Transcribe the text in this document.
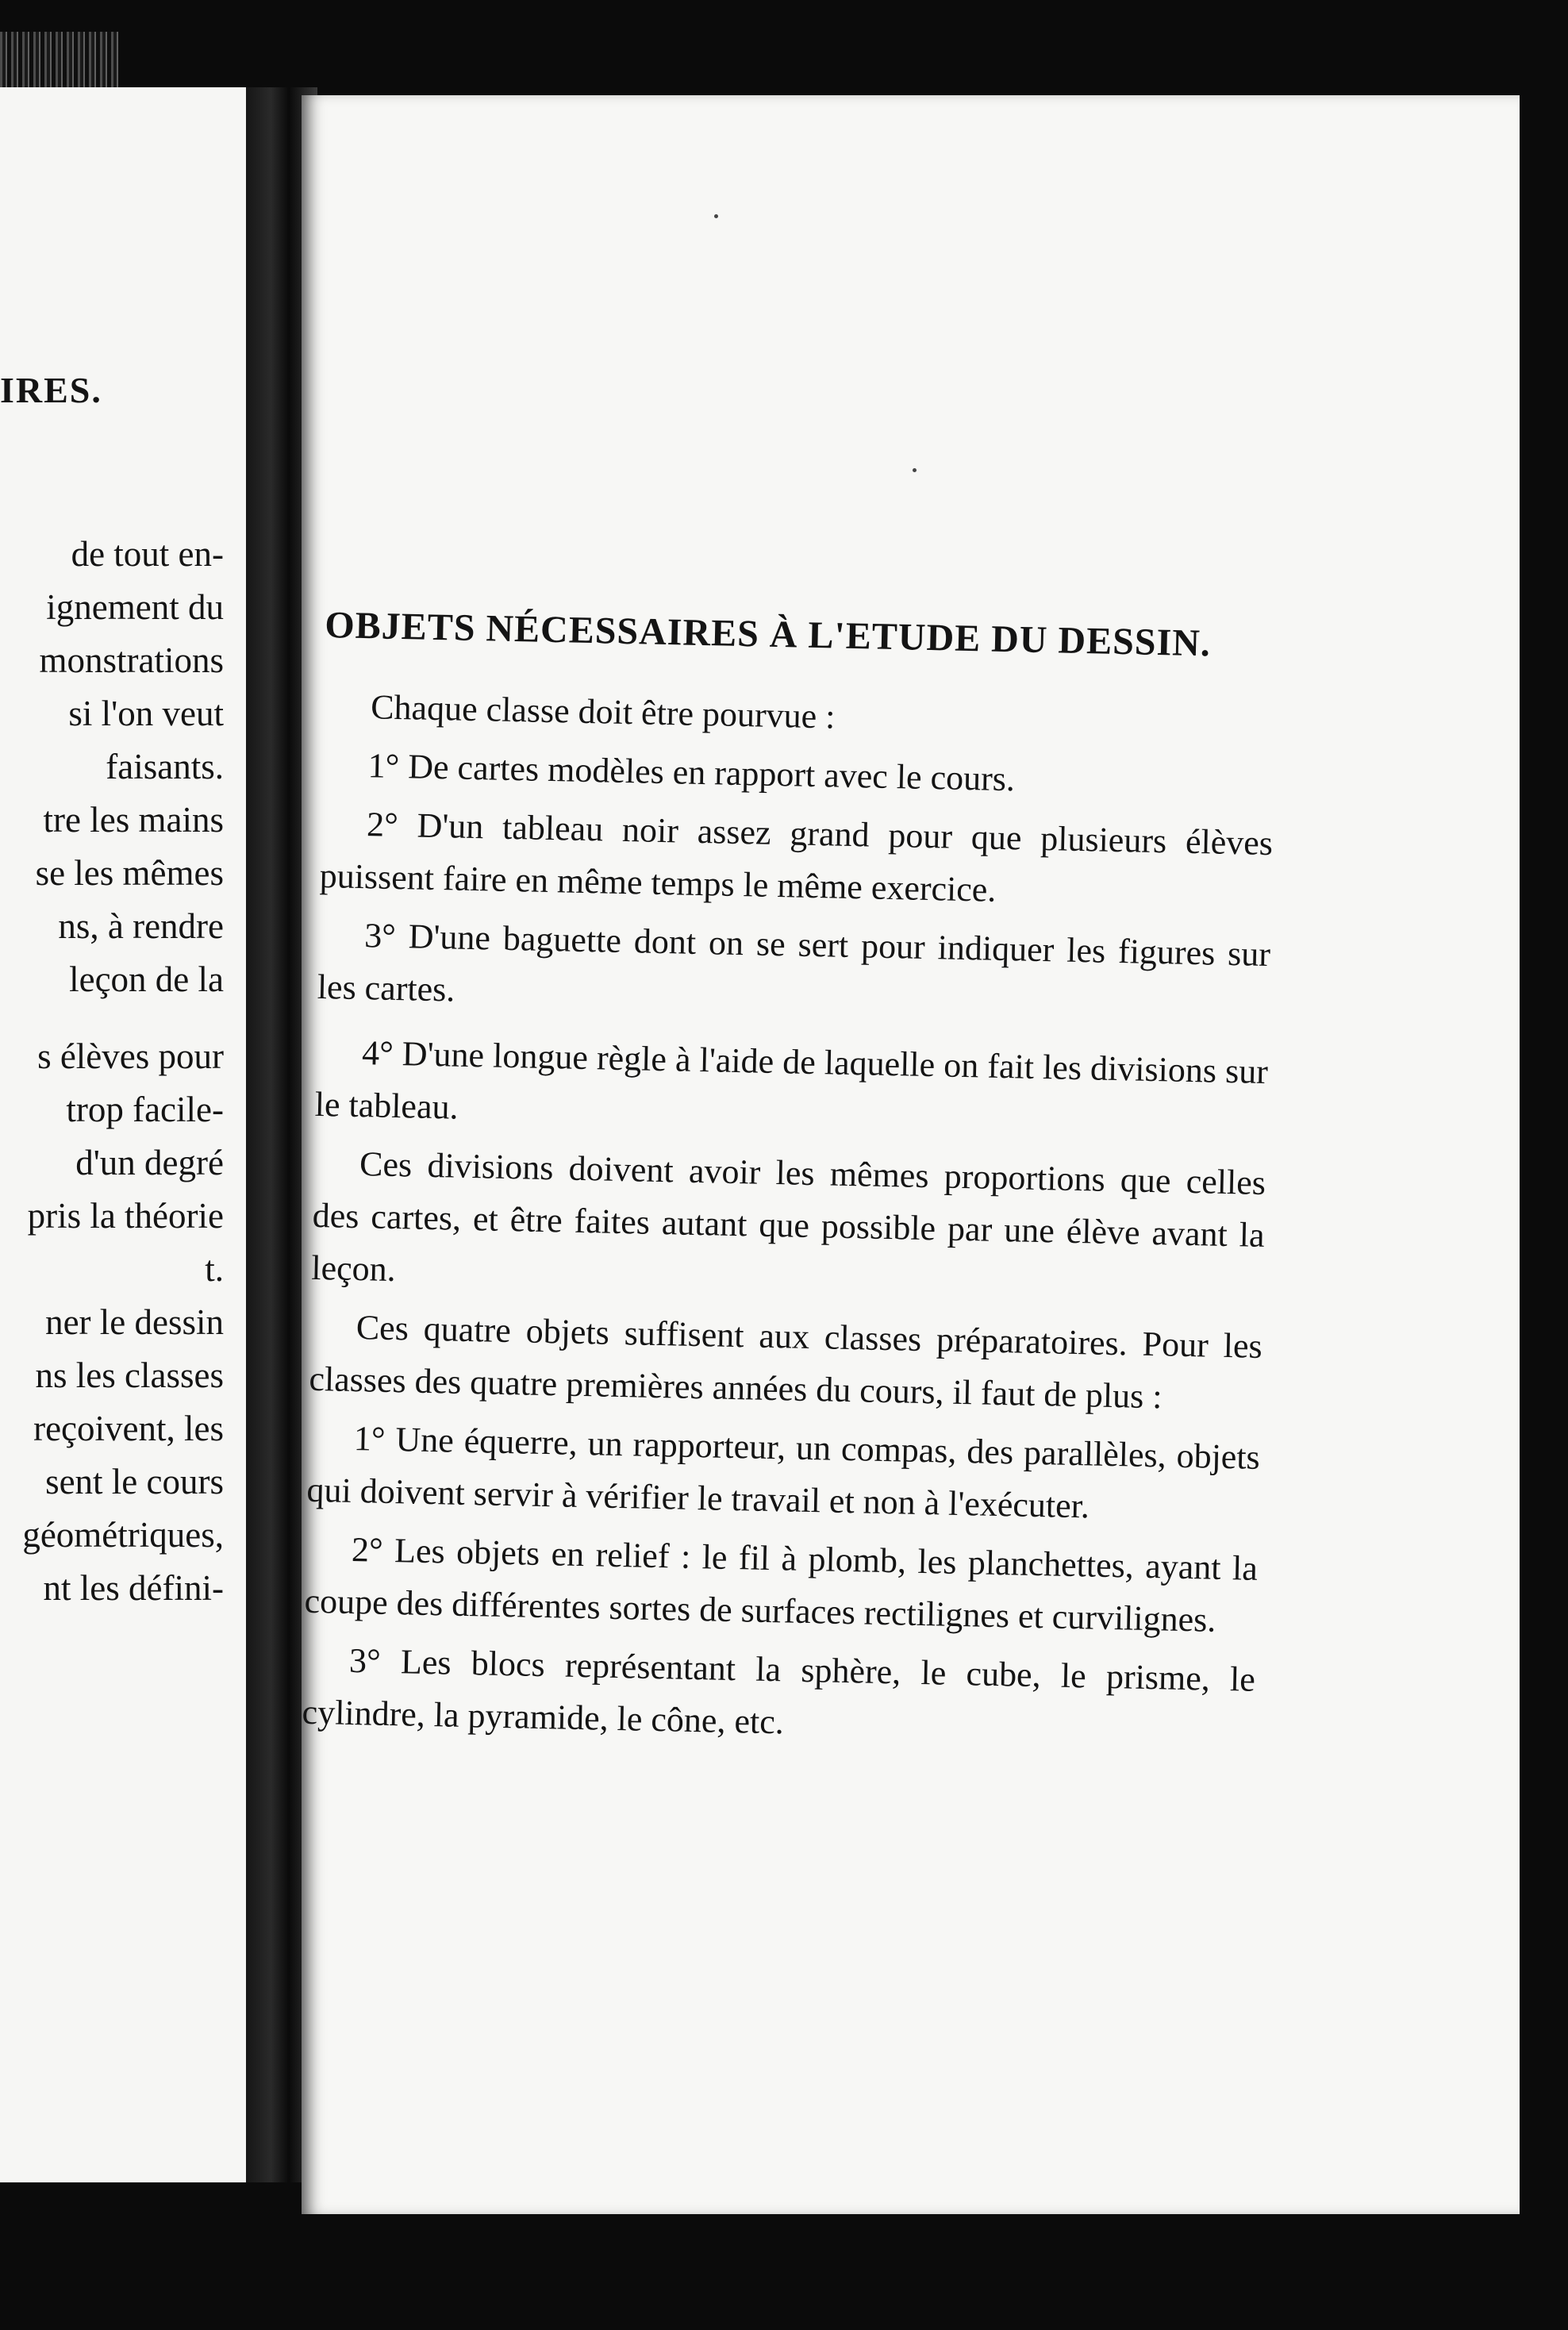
IRES.
de tout en-
ignement du
monstrations
si l'on veut
faisants.
tre les mains
se les mêmes
ns, à rendre
leçon de la
s élèves pour
trop facile-
d'un degré
pris la théorie
t.
ner le dessin
ns les classes
reçoivent, les
sent le cours
géométriques,
nt les défini-
OBJETS NÉCESSAIRES À L'ETUDE DU DESSIN.

Chaque classe doit être pourvue :

1° De cartes modèles en rapport avec le cours.

2° D'un tableau noir assez grand pour que plusieurs élèves puissent faire en même temps le même exercice.

3° D'une baguette dont on se sert pour indiquer les figures sur les cartes.

4° D'une longue règle à l'aide de laquelle on fait les divisions sur le tableau.

Ces divisions doivent avoir les mêmes proportions que celles des cartes, et être faites autant que possible par une élève avant la leçon.

Ces quatre objets suffisent aux classes préparatoires. Pour les classes des quatre premières années du cours, il faut de plus :

1° Une équerre, un rapporteur, un compas, des parallèles, objets qui doivent servir à vérifier le travail et non à l'exécuter.

2° Les objets en relief : le fil à plomb, les planchettes, ayant la coupe des différentes sortes de surfaces rectilignes et curvilignes.

3° Les blocs représentant la sphère, le cube, le prisme, le cylindre, la pyramide, le cône, etc.
